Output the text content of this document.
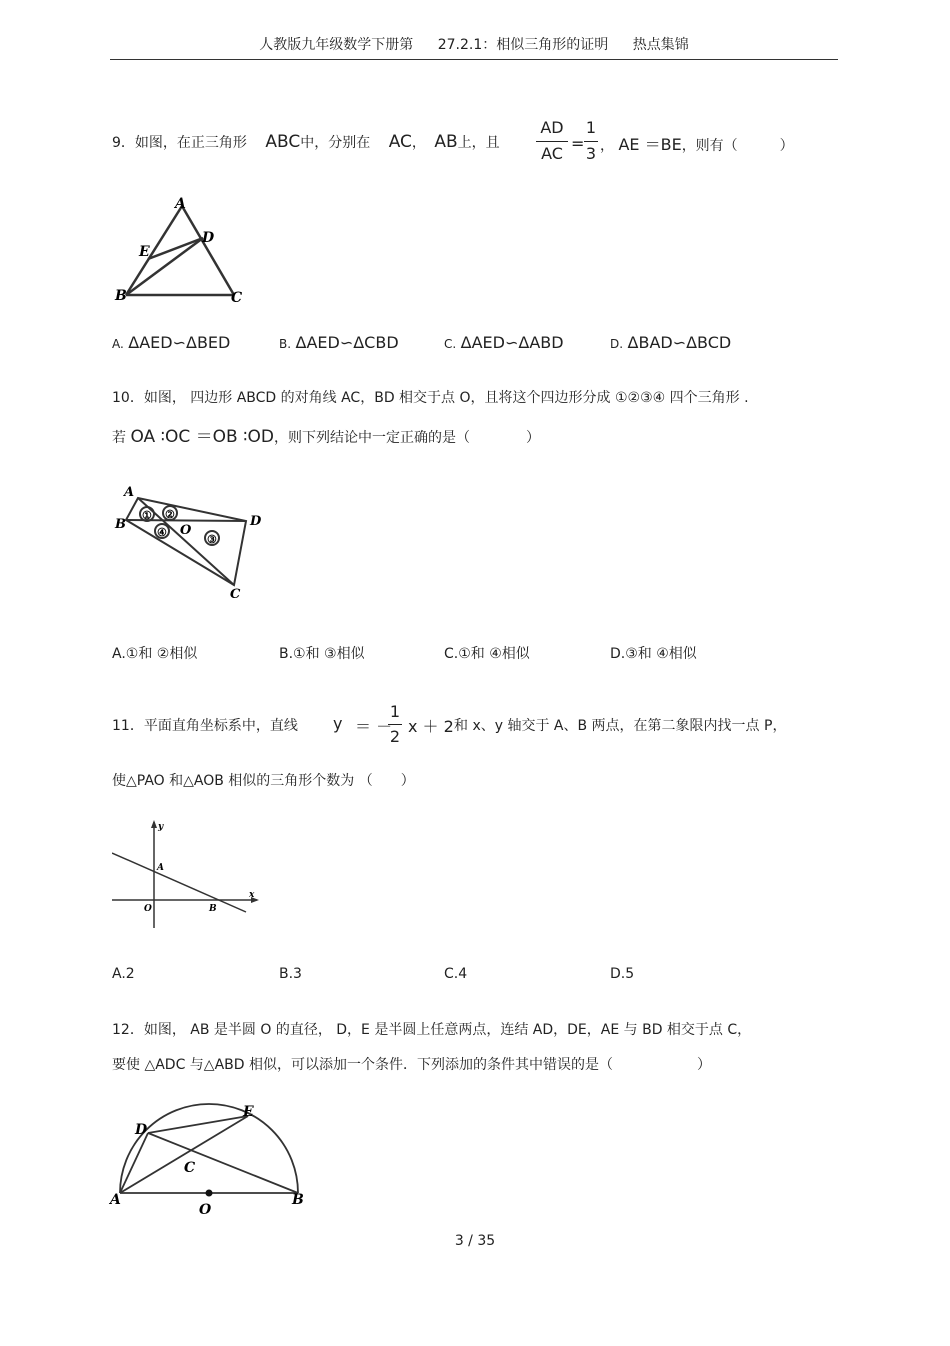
人教版九年级数学下册第 27.2.1：相似三角形的证明 热点集锦
9．如图，在正三角形 ABC中，分别在 AC， AB上，且
AD
AC
=
1
3 ， AE ＝BE，则有（　　　）
A
E
D
B	C
A. ΔAED∽ΔBED	B. ΔAED∽ΔCBD	C. ΔAED∽ΔABD	D. ΔBAD∽ΔBCD
10．如图， 四边形 ABCD 的对角线 AC，BD 相交于点 O，且将这个四边形分成 ①②③④ 四个三角形 .
若 OA ∶OC ＝OB ∶OD，则下列结论中一定正确的是（　　　　）
A
B	D
C
O
① ②
④
③
A.①和 ②相似	B.①和 ③相似	C.①和 ④相似	D.③和 ④相似
11．平面直角坐标系中，直线 y ＝ －
1
2
x ＋ 2 和 x、y 轴交于 A、B 两点，在第二象限内找一点 P，
使△PAO 和△AOB 相似的三角形个数为 （　　）
y
x
A
O	B
A.2	B.3	C.4	D.5
12．如图， AB 是半圆 O 的直径， D，E 是半圆上任意两点，连结 AD，DE，AE 与 BD 相交于点 C，
要使 △ADC 与△ABD 相似，可以添加一个条件．下列添加的条件其中错误的是（　　　　　　）
D
E
C
A
O
B
3 / 35
